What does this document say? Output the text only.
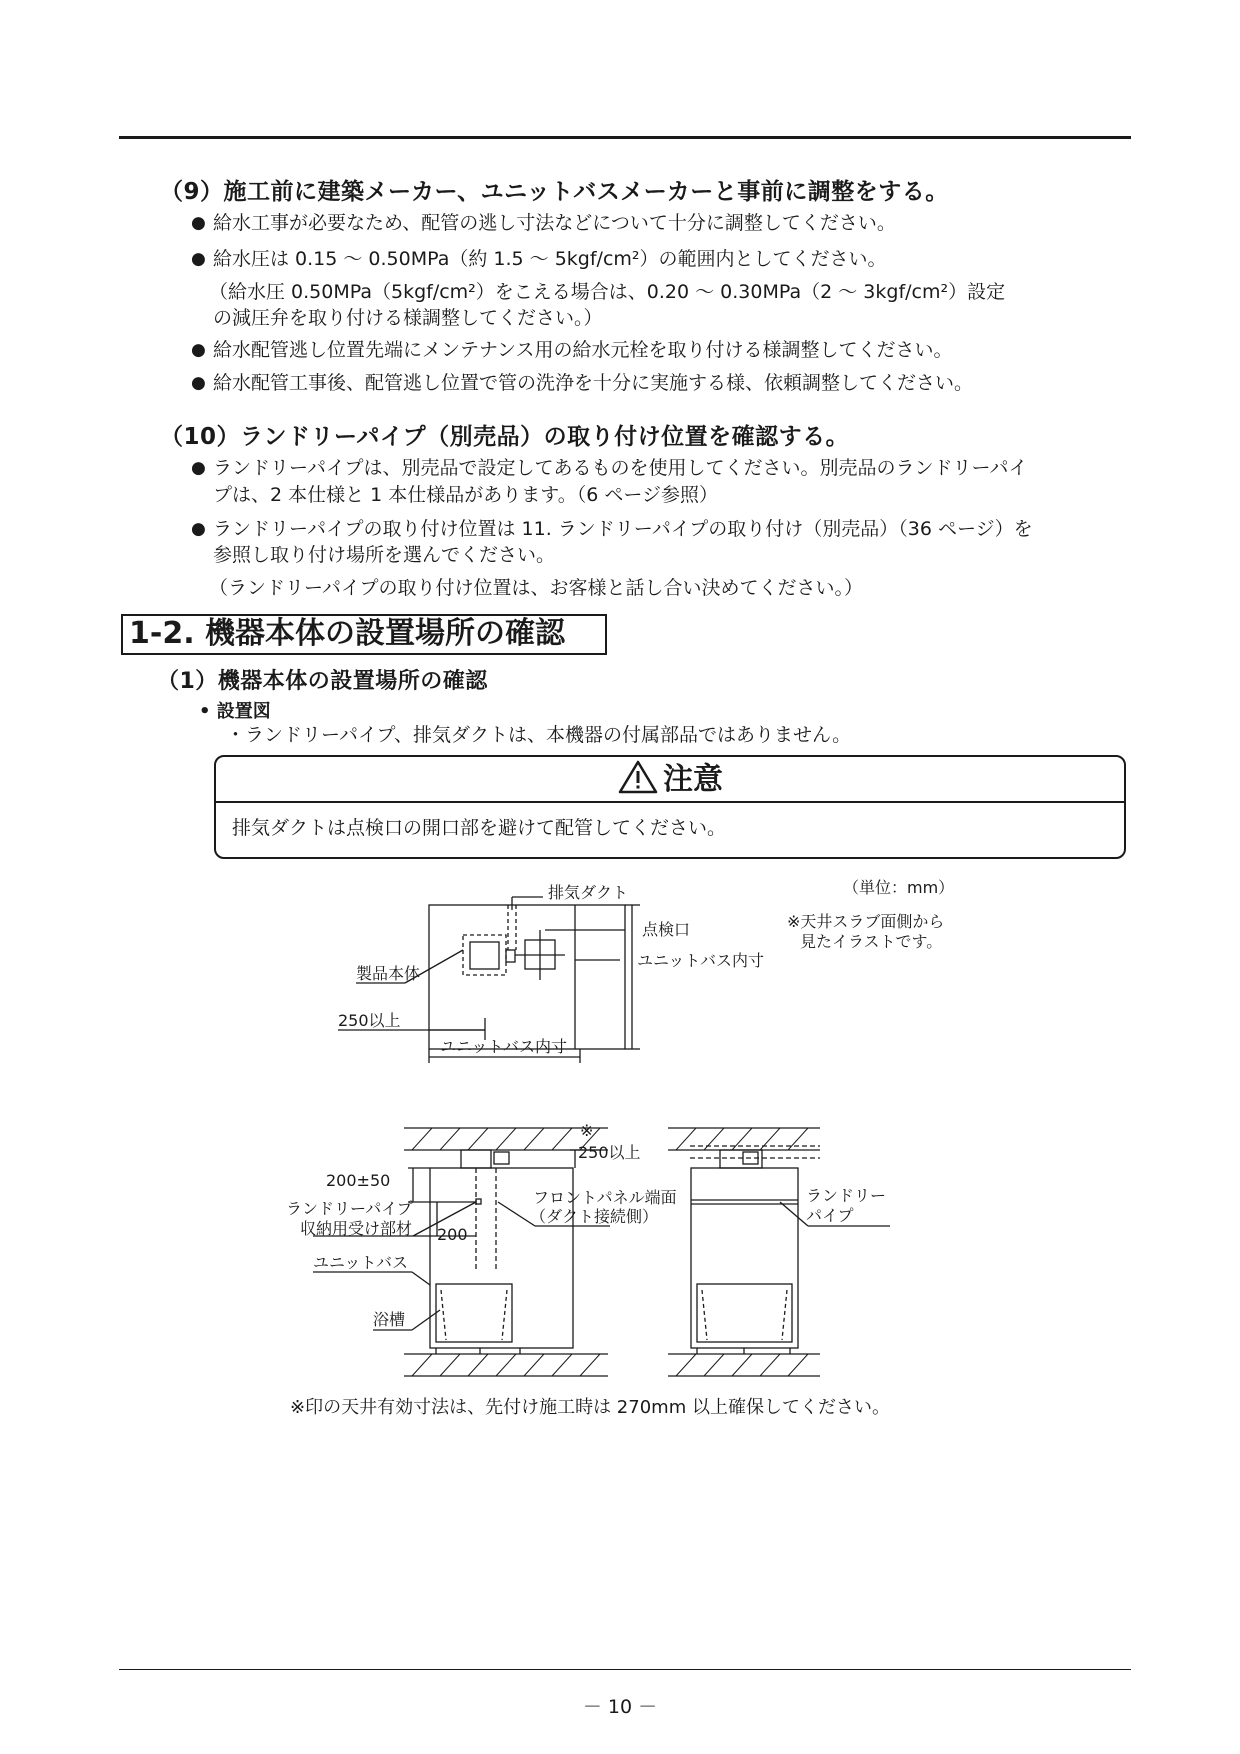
（9）施工前に建築メーカー、ユニットバスメーカーと事前に調整をする。
● 給水工事が必要なため、配管の逃し寸法などについて十分に調整してください。
● 給水圧は 0.15 ～ 0.50MPa（約 1.5 ～ 5kgf/cm²）の範囲内としてください。
（給水圧 0.50MPa（5kgf/cm²）をこえる場合は、0.20 ～ 0.30MPa（2 ～ 3kgf/cm²）設定
の減圧弁を取り付ける様調整してください。）
● 給水配管逃し位置先端にメンテナンス用の給水元栓を取り付ける様調整してください。
● 給水配管工事後、配管逃し位置で管の洗浄を十分に実施する様、依頼調整してください。
（10）ランドリーパイプ（別売品）の取り付け位置を確認する。
● ランドリーパイプは、別売品で設定してあるものを使用してください。別売品のランドリーパイ
プは、2 本仕様と 1 本仕様品があります。（6 ページ参照）
● ランドリーパイプの取り付け位置は 11. ランドリーパイプの取り付け（別売品）（36 ページ）を
参照し取り付け場所を選んでください。
（ランドリーパイプの取り付け位置は、お客様と話し合い決めてください。）
1-2. 機器本体の設置場所の確認
（1）機器本体の設置場所の確認
• 設置図
・ランドリーパイプ、排気ダクトは、本機器の付属部品ではありません。
注意
排気ダクトは点検口の開口部を避けて配管してください。
排気ダクト
点検口
ユニットバス内寸
製品本体
250以上
ユニットバス内寸
（単位：mm）
※天井スラブ面側から
見たイラストです。
※
250以上
200±50
フロントパネル端面
（ダクト接続側）
ランドリーパイプ
収納用受け部材 200
ユニットバス
浴槽
ランドリー
パイプ
※印の天井有効寸法は、先付け施工時は 270mm 以上確保してください。
－ 10 －
